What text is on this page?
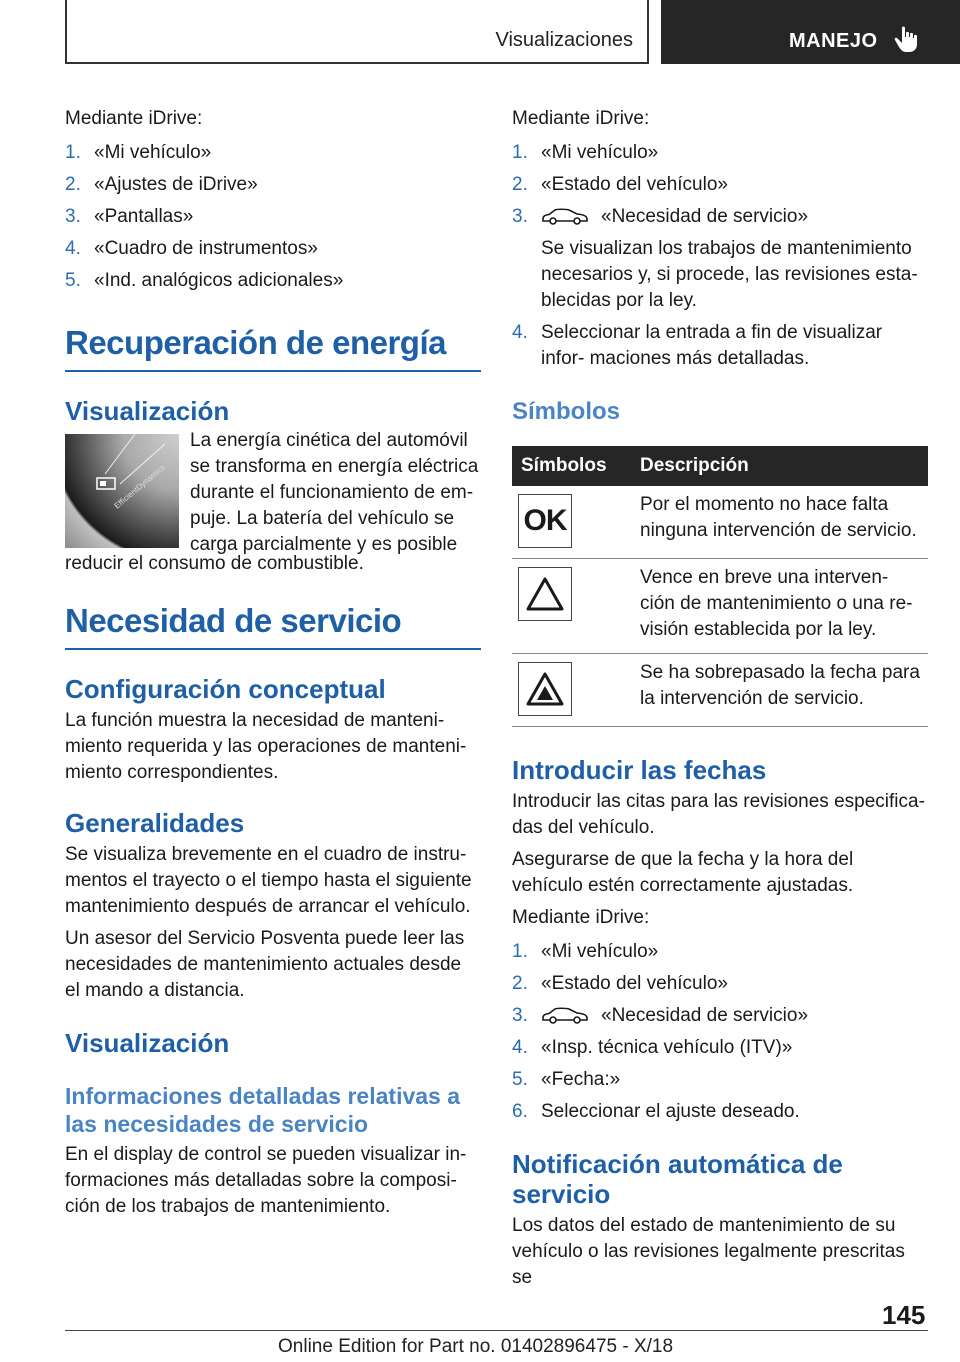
Visualizaciones	MANEJO

Mediante iDrive:

1. «Mi vehículo»
2. «Ajustes de iDrive»
3. «Pantallas»
4. «Cuadro de instrumentos»
5. «Ind. analógicos adicionales»
Recuperación de energía
Visualización
EfficientDynamics

La energía cinética del automóvil se transforma en energía eléctrica durante el funcionamiento de em- puje. La batería del vehículo se carga parcialmente y es posible

reducir el consumo de combustible.

Necesidad de servicio
Configuración conceptual

La función muestra la necesidad de manteni- miento requerida y las operaciones de manteni- miento correspondientes.

Generalidades

Se visualiza brevemente en el cuadro de instru- mentos el trayecto o el tiempo hasta el siguiente mantenimiento después de arrancar el vehículo.

Un asesor del Servicio Posventa puede leer las necesidades de mantenimiento actuales desde el mando a distancia.

Visualización
Informaciones detalladas relativas a las necesidades de servicio

En el display de control se pueden visualizar in- formaciones más detalladas sobre la composi- ción de los trabajos de mantenimiento.

Mediante iDrive:

1. «Mi vehículo»
2. «Estado del vehículo»
3.	«Necesidad de servicio»
Se visualizan los trabajos de mantenimiento necesarios y, si procede, las revisiones esta- blecidas por la ley.
4. Seleccionar la entrada a fin de visualizar infor- maciones más detalladas.
Símbolos
Símbolos	Descripción

OK	Por el momento no hace falta ninguna intervención de servicio.

	Vence en breve una interven- ción de mantenimiento o una re- visión establecida por la ley.

	Se ha sobrepasado la fecha para la intervención de servicio.
Introducir las fechas

Introducir las citas para las revisiones especifica- das del vehículo.

Asegurarse de que la fecha y la hora del vehículo estén correctamente ajustadas.

Mediante iDrive:

1. «Mi vehículo»
2. «Estado del vehículo»
3.	«Necesidad de servicio»
4. «Insp. técnica vehículo (ITV)»
5. «Fecha:»
6. Seleccionar el ajuste deseado.
Notificación automática de servicio

Los datos del estado de mantenimiento de su vehículo o las revisiones legalmente prescritas se

145
Online Edition for Part no. 01402896475 - X/18
